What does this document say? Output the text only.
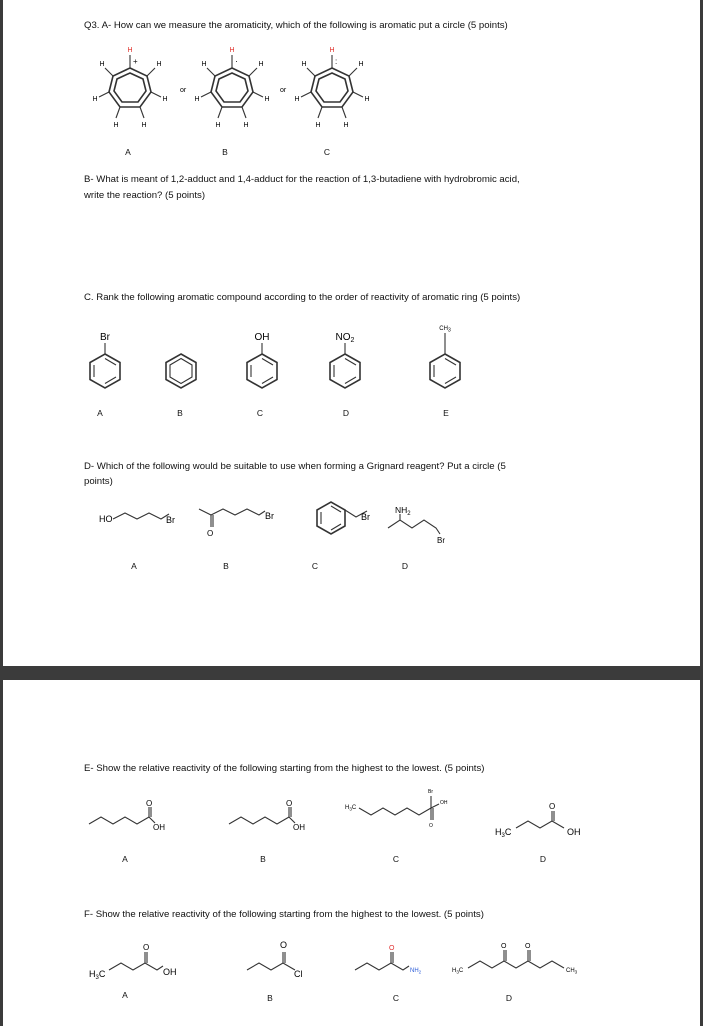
Q3. A- How can we measure the aromaticity, which of the following is aromatic put a circle (5 points)
H
+
H	H
H	H
H	H
or
H
·
H	H
H	H
H	H
or
H
:
H	H
H	H
H	H
A	B	C
B- What is meant of 1,2-adduct and 1,4-adduct for the reaction of 1,3-butadiene with hydrobromic acid,
write the reaction? (5 points)
C. Rank the following aromatic compound according to the order of reactivity of aromatic ring (5 points)
Br	OH	$NO_2$
$CH_3$
A	B	C	D	E
D- Which of the following would be suitable to use when forming a Grignard reagent? Put a circle (5
points)
HO	Br
O
Br	Br
$NH_2$
Br
A	B	C	D
E- Show the relative reactivity of the following starting from the highest to the lowest. (5 points)
O
OH
O
OH
$H_3C$
Br
O
OH
$H_3C$
O
OH
$H_3C$
O
OH
O
Cl
O
$NH_2$	$H_3C$
O	O
$CH_3$
A	B	C	D
F- Show the relative reactivity of the following starting from the highest to the lowest. (5 points)
A	B	C	D
